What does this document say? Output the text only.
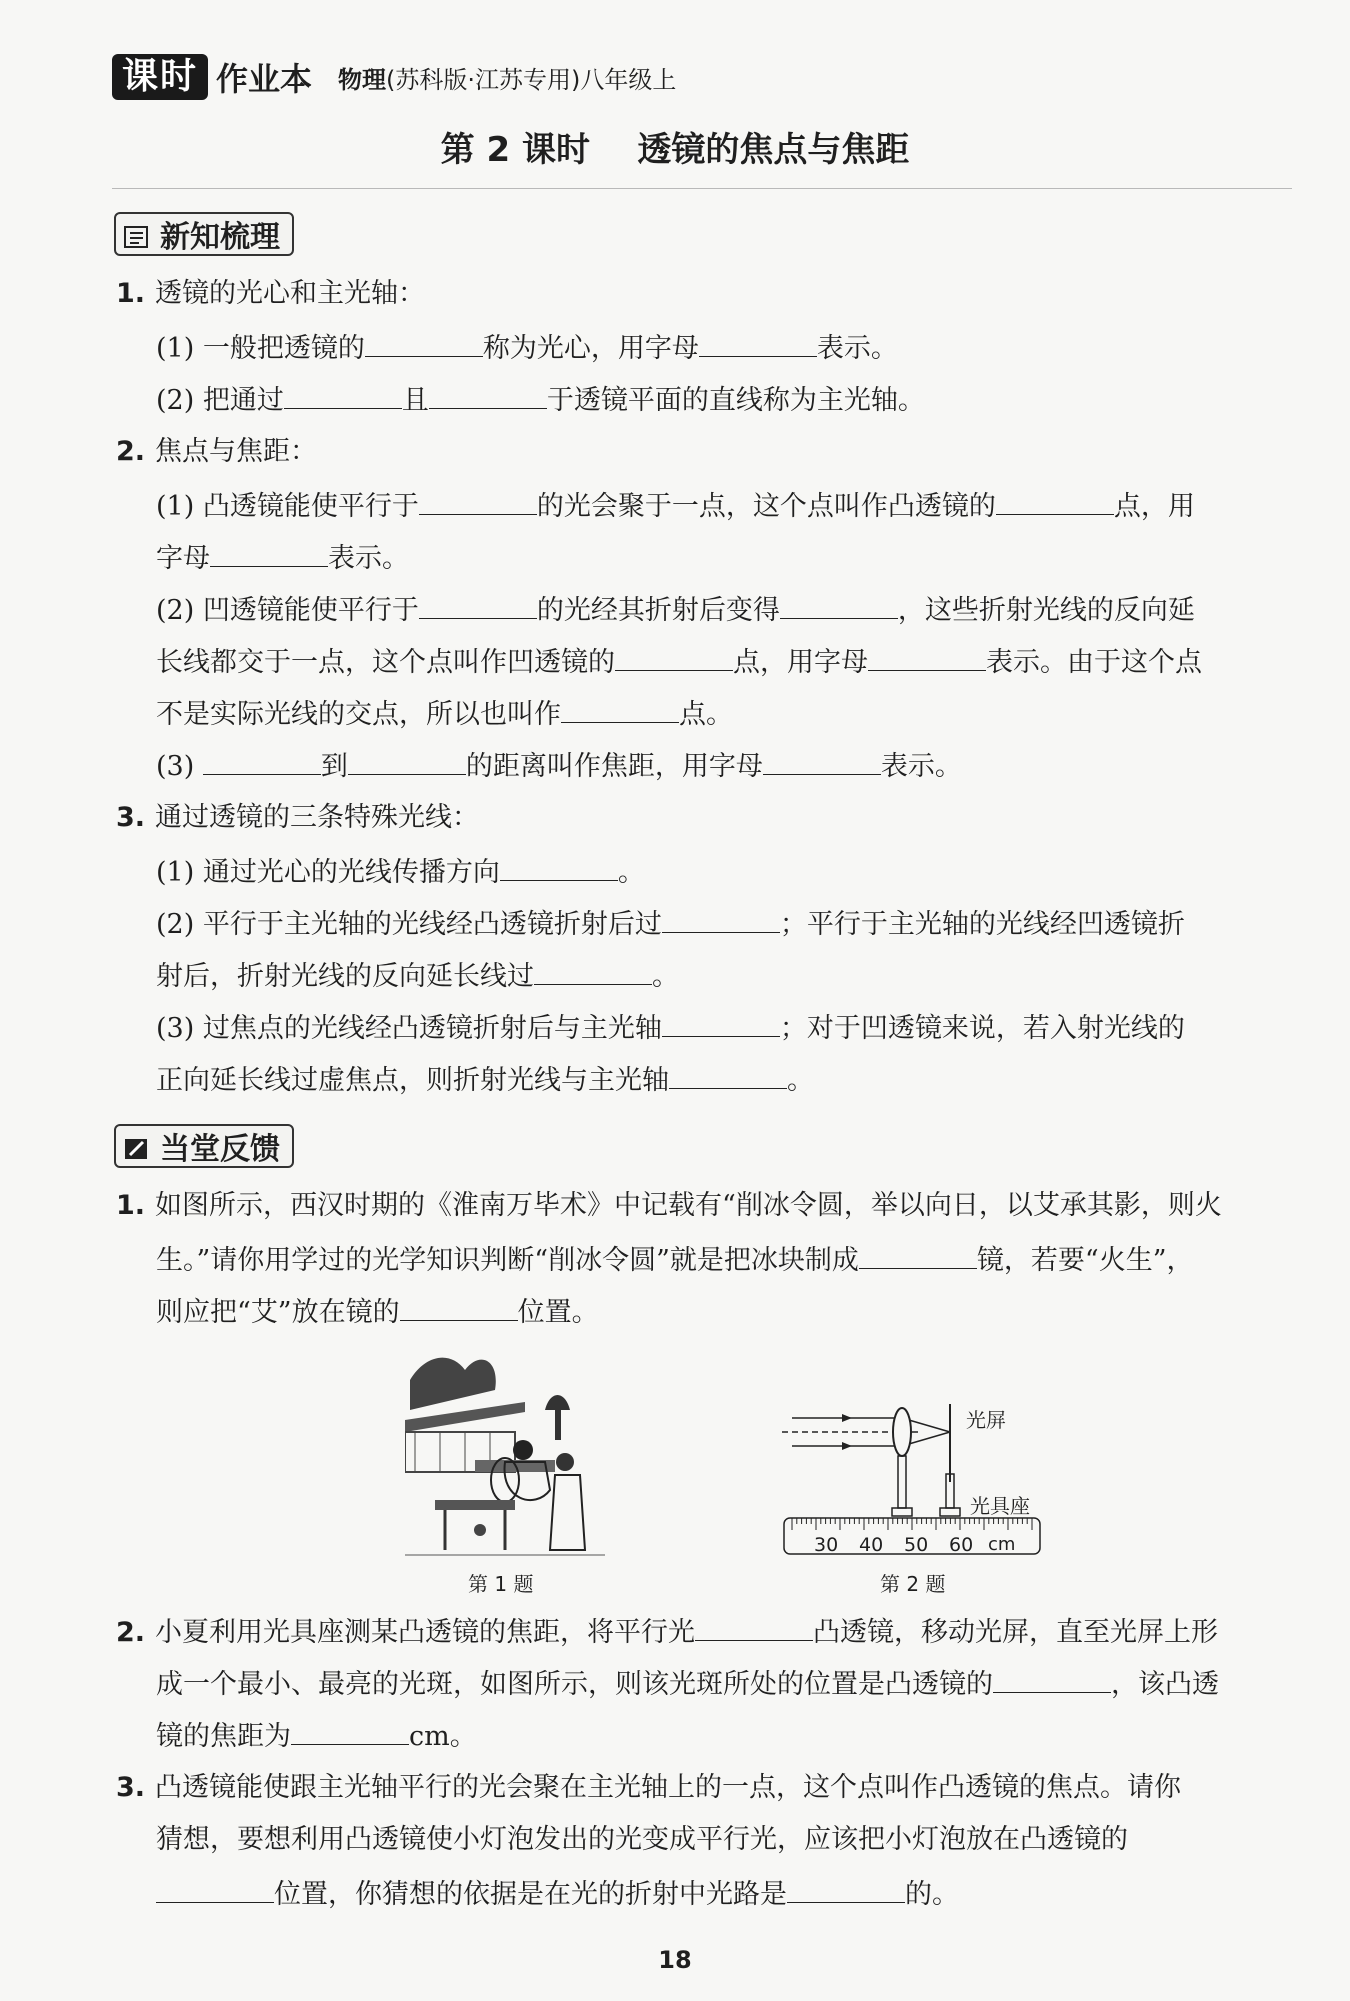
课时 作业本 物理(苏科版·江苏专用)八年级上
第 2 课时    透镜的焦点与焦距
新知梳理
1. 透镜的光心和主光轴：
(1) 一般把透镜的	称为光心，用字母	表示。
(2) 把通过	且	于透镜平面的直线称为主光轴。
2. 焦点与焦距：
(1) 凸透镜能使平行于	的光会聚于一点，这个点叫作凸透镜的	点，用
字母	表示。
(2) 凹透镜能使平行于	的光经其折射后变得	，这些折射光线的反向延
长线都交于一点，这个点叫作凹透镜的	点，用字母	表示。由于这个点
不是实际光线的交点，所以也叫作	点。
(3)	到	的距离叫作焦距，用字母	表示。
3. 通过透镜的三条特殊光线：
(1) 通过光心的光线传播方向	。
(2) 平行于主光轴的光线经凸透镜折射后过	；平行于主光轴的光线经凹透镜折
射后，折射光线的反向延长线过	。
(3) 过焦点的光线经凸透镜折射后与主光轴	；对于凹透镜来说，若入射光线的
正向延长线过虚焦点，则折射光线与主光轴	。
当堂反馈
1. 如图所示，西汉时期的《淮南万毕术》中记载有“削冰令圆，举以向日，以艾承其影，则火
生。”请你用学过的光学知识判断“削冰令圆”就是把冰块制成	镜，若要“火生”，
则应把“艾”放在镜的	位置。
第 1 题
光屏
光具座
30 40 50 60 cm
第 2 题
2. 小夏利用光具座测某凸透镜的焦距，将平行光	凸透镜，移动光屏，直至光屏上形
成一个最小、最亮的光斑，如图所示，则该光斑所处的位置是凸透镜的	，该凸透
镜的焦距为	cm。
3. 凸透镜能使跟主光轴平行的光会聚在主光轴上的一点，这个点叫作凸透镜的焦点。请你
猜想，要想利用凸透镜使小灯泡发出的光变成平行光，应该把小灯泡放在凸透镜的
位置，你猜想的依据是在光的折射中光路是	的。
18
